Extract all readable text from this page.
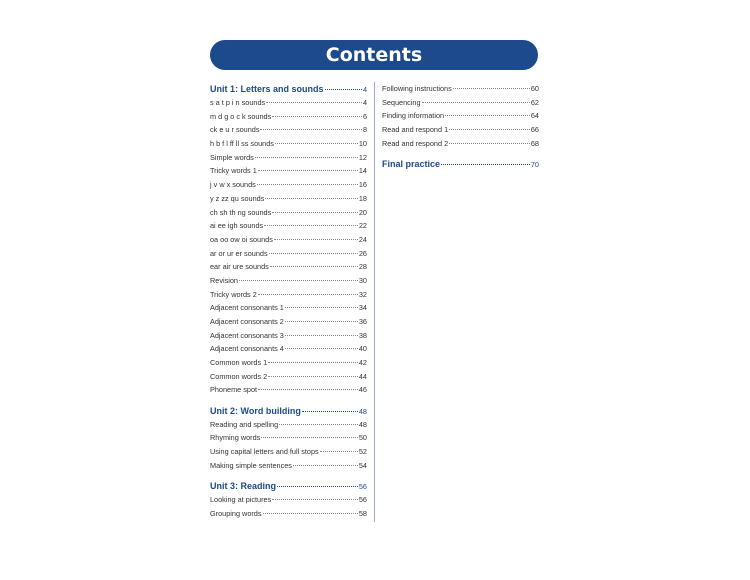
Contents
Unit 1: Letters and sounds	4
s a t p i n sounds	4
m d g o c k sounds	6
ck e u r sounds	8
h b f l ff ll ss sounds	10
Simple words	12
Tricky words 1	14
j v w x sounds	16
y z zz qu sounds	18
ch sh th ng sounds	20
ai ee igh sounds	22
oa oo ow oi sounds	24
ar or ur er sounds	26
ear air ure sounds	28
Revision	30
Tricky words 2	32
Adjacent consonants 1	34
Adjacent consonants 2	36
Adjacent consonants 3	38
Adjacent consonants 4	40
Common words 1	42
Common words 2	44
Phoneme spot	46
Unit 2: Word building	48
Reading and spelling	48
Rhyming words	50
Using capital letters and full stops	52
Making simple sentences	54
Unit 3: Reading	56
Looking at pictures	56
Grouping words	58
Following instructions	60
Sequencing	62
Finding information	64
Read and respond 1	66
Read and respond 2	68
Final practice	70
